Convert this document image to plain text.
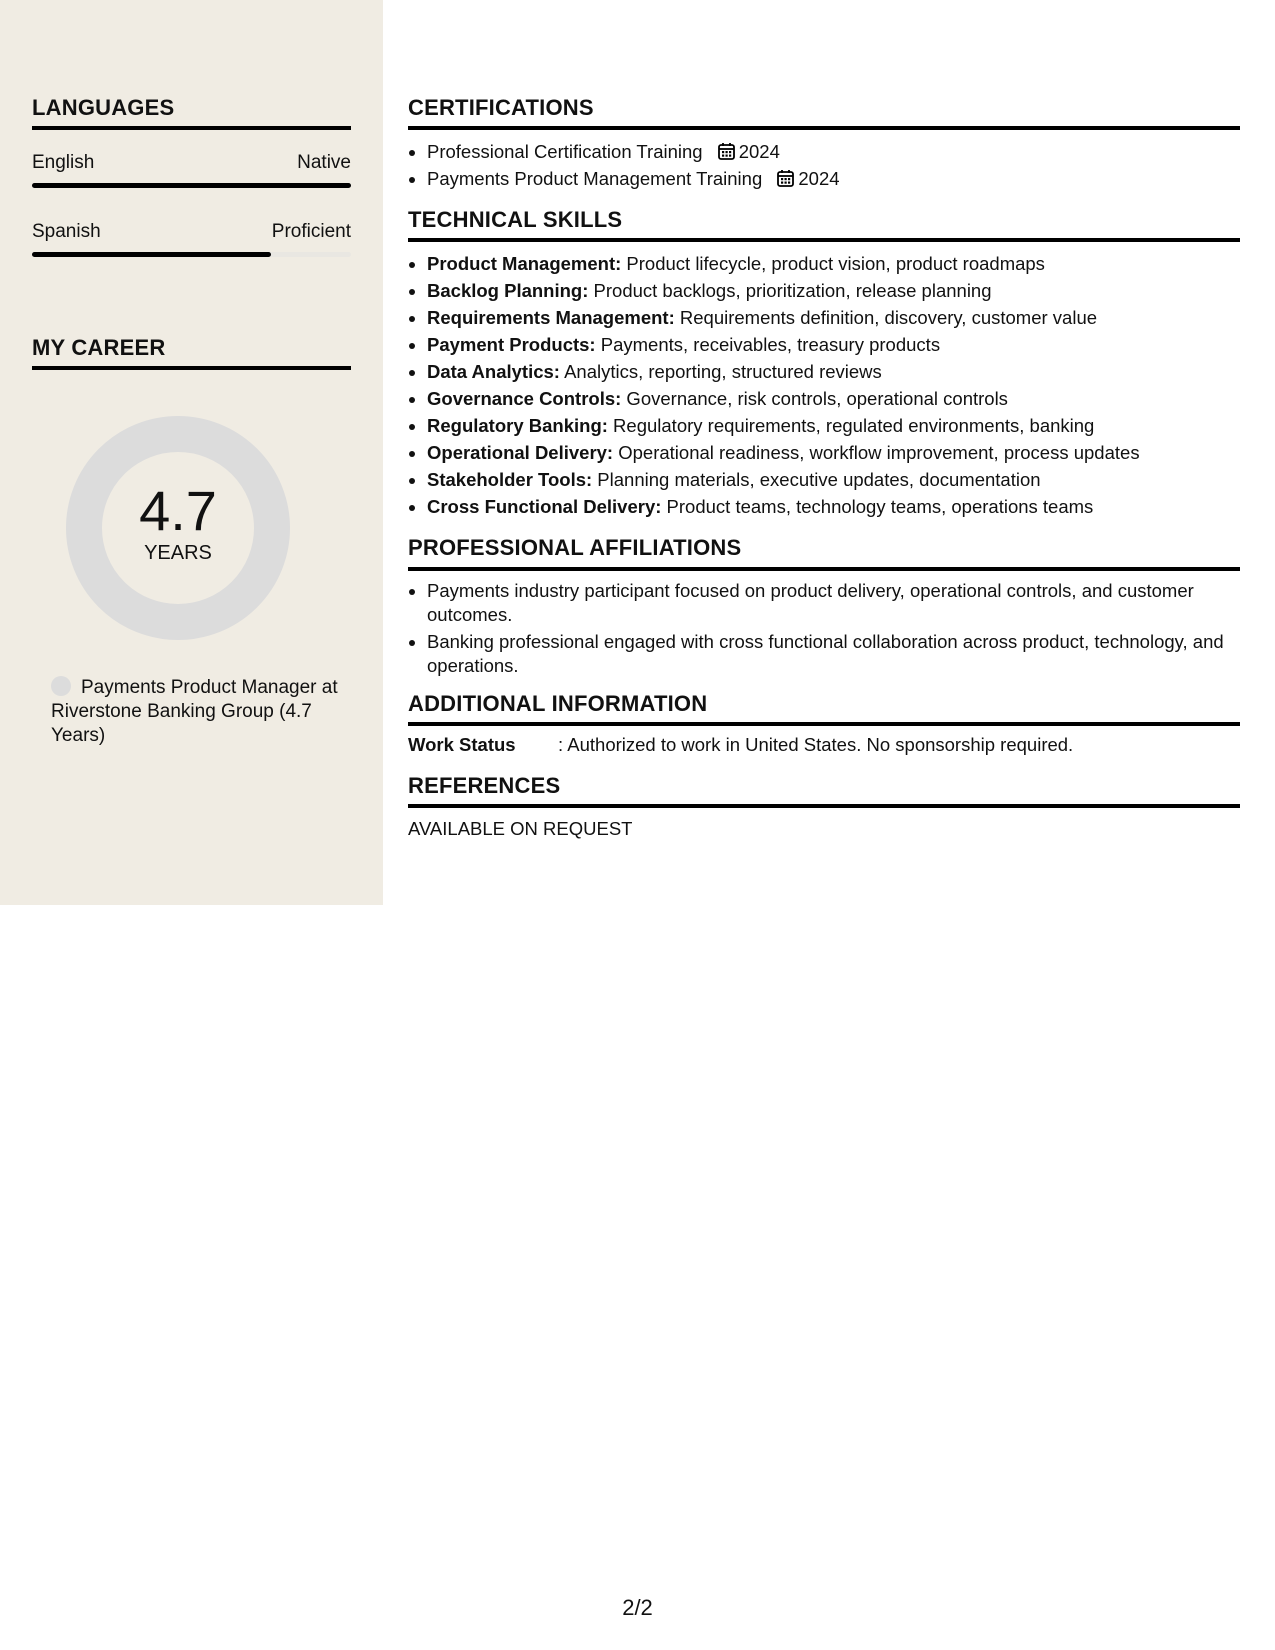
LANGUAGES
English	Native
Spanish	Proficient
MY CAREER
4.7
YEARS
Payments Product Manager at Riverstone Banking Group (4.7 Years)
CERTIFICATIONS
• Professional Certification Training 2024
• Payments Product Management Training 2024
TECHNICAL SKILLS
• Product Management: Product lifecycle, product vision, product roadmaps
• Backlog Planning: Product backlogs, prioritization, release planning
• Requirements Management: Requirements definition, discovery, customer value
• Payment Products: Payments, receivables, treasury products
• Data Analytics: Analytics, reporting, structured reviews
• Governance Controls: Governance, risk controls, operational controls
• Regulatory Banking: Regulatory requirements, regulated environments, banking
• Operational Delivery: Operational readiness, workflow improvement, process updates
• Stakeholder Tools: Planning materials, executive updates, documentation
• Cross Functional Delivery: Product teams, technology teams, operations teams
PROFESSIONAL AFFILIATIONS
• Payments industry participant focused on product delivery, operational controls, and customer outcomes.
• Banking professional engaged with cross functional collaboration across product, technology, and operations.
ADDITIONAL INFORMATION
Work Status	: Authorized to work in United States. No sponsorship required.
REFERENCES
AVAILABLE ON REQUEST
2/2
